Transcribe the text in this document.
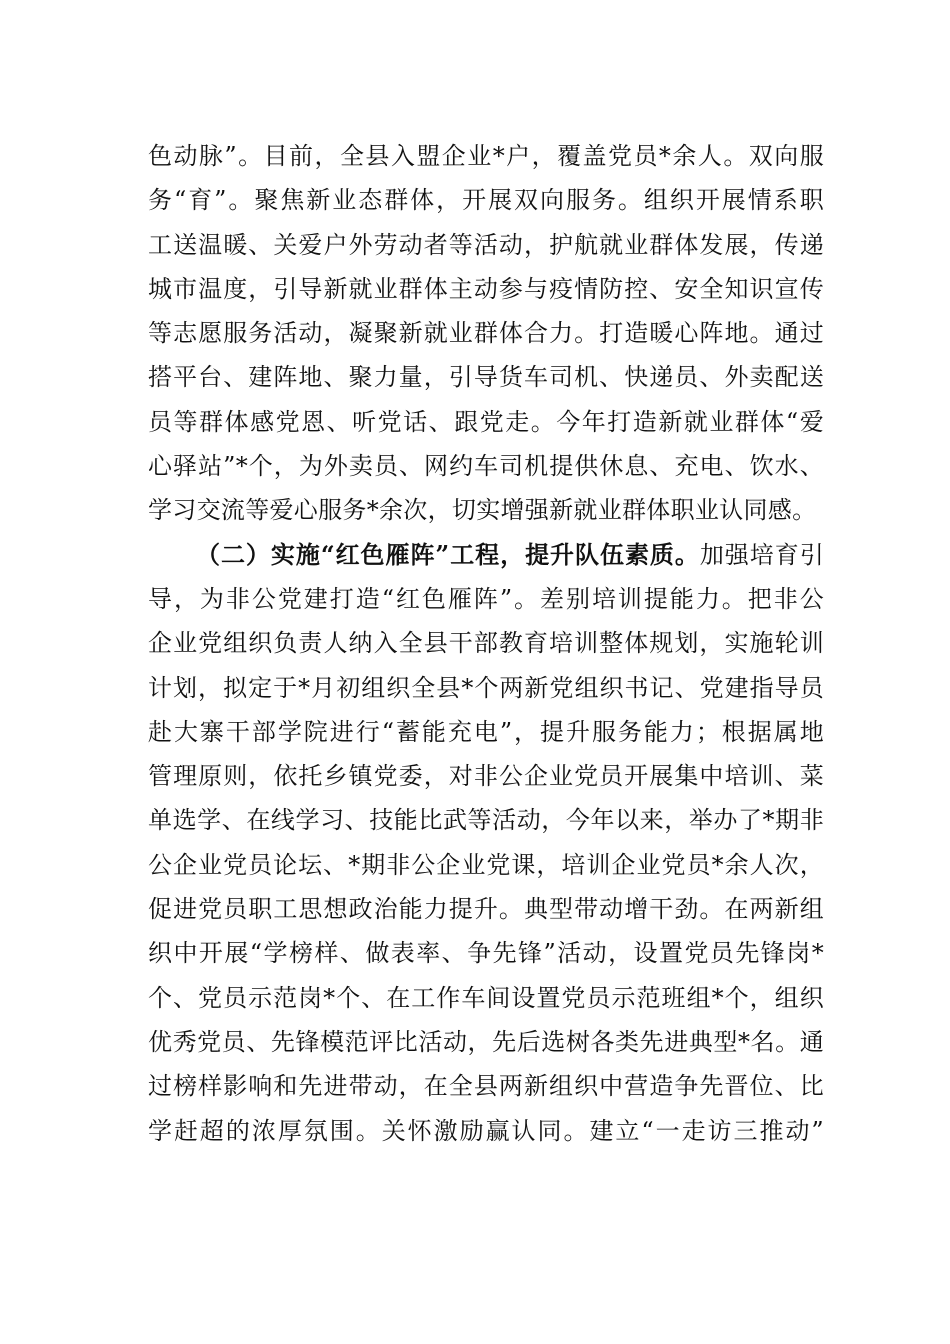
色动脉”。目前，全县入盟企业*户，覆盖党员*余人。双向服
务“育”。聚焦新业态群体，开展双向服务。组织开展情系职
工送温暖、关爱户外劳动者等活动，护航就业群体发展，传递
城市温度，引导新就业群体主动参与疫情防控、安全知识宣传
等志愿服务活动，凝聚新就业群体合力。打造暖心阵地。通过
搭平台、建阵地、聚力量，引导货车司机、快递员、外卖配送
员等群体感党恩、听党话、跟党走。今年打造新就业群体“爱
心驿站”*个，为外卖员、网约车司机提供休息、充电、饮水、
学习交流等爱心服务*余次，切实增强新就业群体职业认同感。
（二）实施“红色雁阵”工程，提升队伍素质。加强培育引
导，为非公党建打造“红色雁阵”。差别培训提能力。把非公
企业党组织负责人纳入全县干部教育培训整体规划，实施轮训
计划，拟定于*月初组织全县*个两新党组织书记、党建指导员
赴大寨干部学院进行“蓄能充电”，提升服务能力；根据属地
管理原则，依托乡镇党委，对非公企业党员开展集中培训、菜
单选学、在线学习、技能比武等活动，今年以来，举办了*期非
公企业党员论坛、*期非公企业党课，培训企业党员*余人次，
促进党员职工思想政治能力提升。典型带动增干劲。在两新组
织中开展“学榜样、做表率、争先锋”活动，设置党员先锋岗*
个、党员示范岗*个、在工作车间设置党员示范班组*个，组织
优秀党员、先锋模范评比活动，先后选树各类先进典型*名。通
过榜样影响和先进带动，在全县两新组织中营造争先晋位、比
学赶超的浓厚氛围。关怀激励赢认同。建立“一走访三推动”
